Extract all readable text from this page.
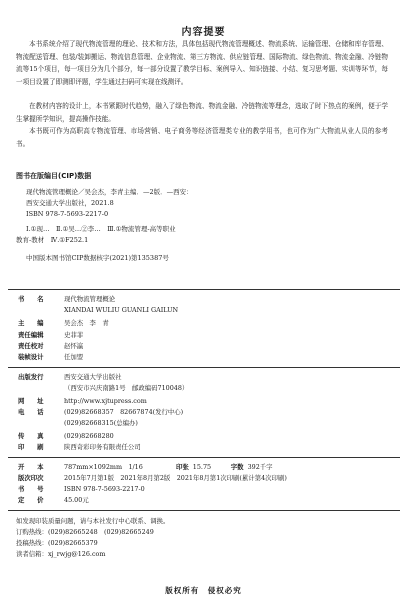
内容提要
本书系统介绍了现代物流管理的理论、技术和方法，具体包括现代物流管理概述、物流系统、运输管理、仓储和库存管理、物流配送管理、包装/装卸搬运、物流信息管理、企业物流、第三方物流、供应链管理、国际物流、绿色物流、物流金融、冷链物流等15个项目，每一项目分为几个部分，每一部分设置了教学目标、案例导入、知识链接、小结、复习思考题、实训等环节，每一项目设置了即测即评题，学生通过扫码可实现在线测评。
在教材内容的设计上，本书紧跟时代趋势，融入了绿色物流、物流金融、冷链物流等理念，选取了时下热点的案例，便于学生掌握所学知识，提高操作技能。
本书既可作为高职高专物流管理、市场营销、电子商务等经济管理类专业的教学用书，也可作为广大物流从业人员的参考书。
图书在版编目(CIP)数据
现代物流管理概论／吴会杰，李青主编．—2版．—西安：
西安交通大学出版社，2021.8
ISBN 978-7-5693-2217-0
Ⅰ.①现…　Ⅱ.①吴…②李…　Ⅲ.①物流管理-高等职业
教育-教材　Ⅳ.①F252.1
中国版本图书馆CIP数据核字(2021)第135387号
书　　名	现代物流管理概论
XIANDAI WULIU GUANLI GAILUN
主　　编	吴会杰　李　青
责任编辑	史菲菲
责任校对	赵怀瀛
装帧设计	任加盟
出版发行	西安交通大学出版社
（西安市兴庆南路1号　邮政编码710048）
网　　址	http://www.xjtupress.com
电　　话	(029)82668357　82667874(发行中心)
(029)82668315(总编办)
传　　真	(029)82668280
印　　刷	陕西奇彩印务有限责任公司
开　　本	787mm×1092mm　1/16	印张 15.75	字数 392千字
版次印次	2015年7月第1版　2021年8月第2版　2021年8月第1次印刷(累计第4次印刷)
书　　号	ISBN 978-7-5693-2217-0
定　　价	45.00元
如发现印装质量问题，请与本社发行中心联系、调换。
订购热线：(029)82665248　(029)82665249
投稿热线：(029)82665379
读者信箱：xj_rwjg@126.com
版权所有　侵权必究
